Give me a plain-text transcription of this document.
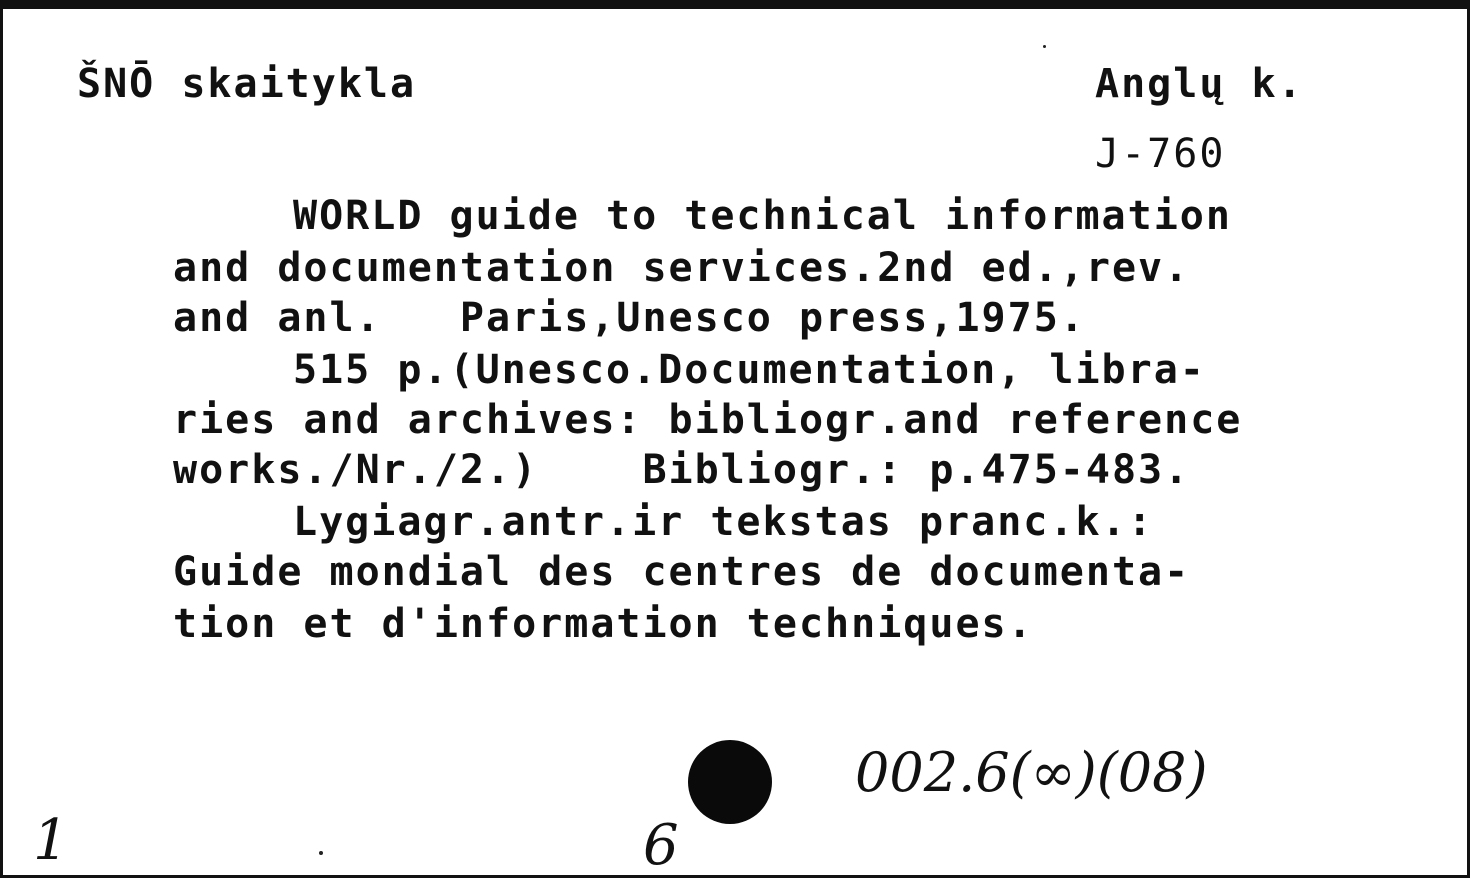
ŠNŌ skaitykla	Anglų k.
J-760
WORLD guide to technical information
and documentation services.2nd ed.,rev.
and anl.   Paris,Unesco press,1975.
515 p.(Unesco.Documentation, libra-
ries and archives: bibliogr.and reference
works./Nr./2.)    Bibliogr.: p.475-483.
Lygiagr.antr.ir tekstas pranc.k.:
Guide mondial des centres de documenta-
tion et d'information techniques.
002.6(∞)(08)
1	6
